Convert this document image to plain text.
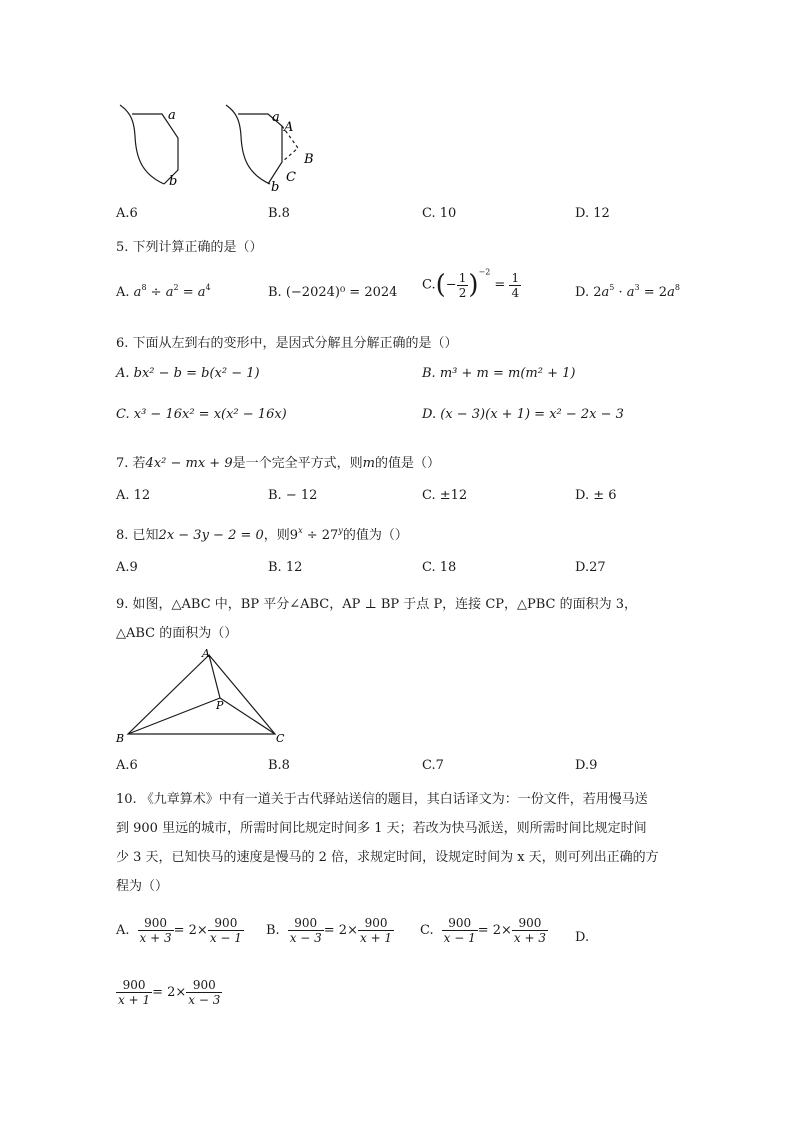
a
b
a
A
B
C
b
A.6	B.8	C. 10	D. 12
5. 下列计算正确的是（）
A. $a^8 \div a^2 = a^4$	B. (−2024)⁰ = 2024 $C.(- \frac{1}{2} )^{-2} = \frac{1}{4}$	D. $2a^5 \cdot a^3 = 2a^8$
6. 下面从左到右的变形中，是因式分解且分解正确的是（）
A. bx² − b = b(x² − 1)	B. m³ + m = m(m² + 1)
C. x³ − 16x² = x(x² − 16x)	D. (x − 3)(x + 1) = x² − 2x − 3
7. 若4x² − mx + 9是一个完全平方式，则m的值是（）
A. 12	B. − 12	C. ±12	D. ± 6
8. 已知2x − 3y − 2 = 0，则$9^x \div 27^y$的值为（）
A.9	B. 12	C. 18	D.27
9. 如图，△ABC 中，BP 平分∠ABC，AP ⊥ BP 于点 P，连接 CP，△PBC 的面积为 3，
△ABC 的面积为（）
A
B	C
P
A.6	B.8	C.7	D.9
10. 《九章算术》中有一道关于古代驿站送信的题目，其白话译文为：一份文件，若用慢马送
到 900 里远的城市，所需时间比规定时间多 1 天；若改为快马派送，则所需时间比规定时间
少 3 天，已知快马的速度是慢马的 2 倍，求规定时间，设规定时间为 x 天，则可列出正确的方
程为（）
A. $\frac{900}{x + 3} = 2\times \frac{900}{x - 1} B$. $\frac{900}{x - 3} = 2\times \frac{900}{x + 1} C$. $\frac{900}{x - 1} = 2\times \frac{900}{x + 3} D$.
$\frac{900}{x + 1} = 2\times \frac{900}{x - 3}$
